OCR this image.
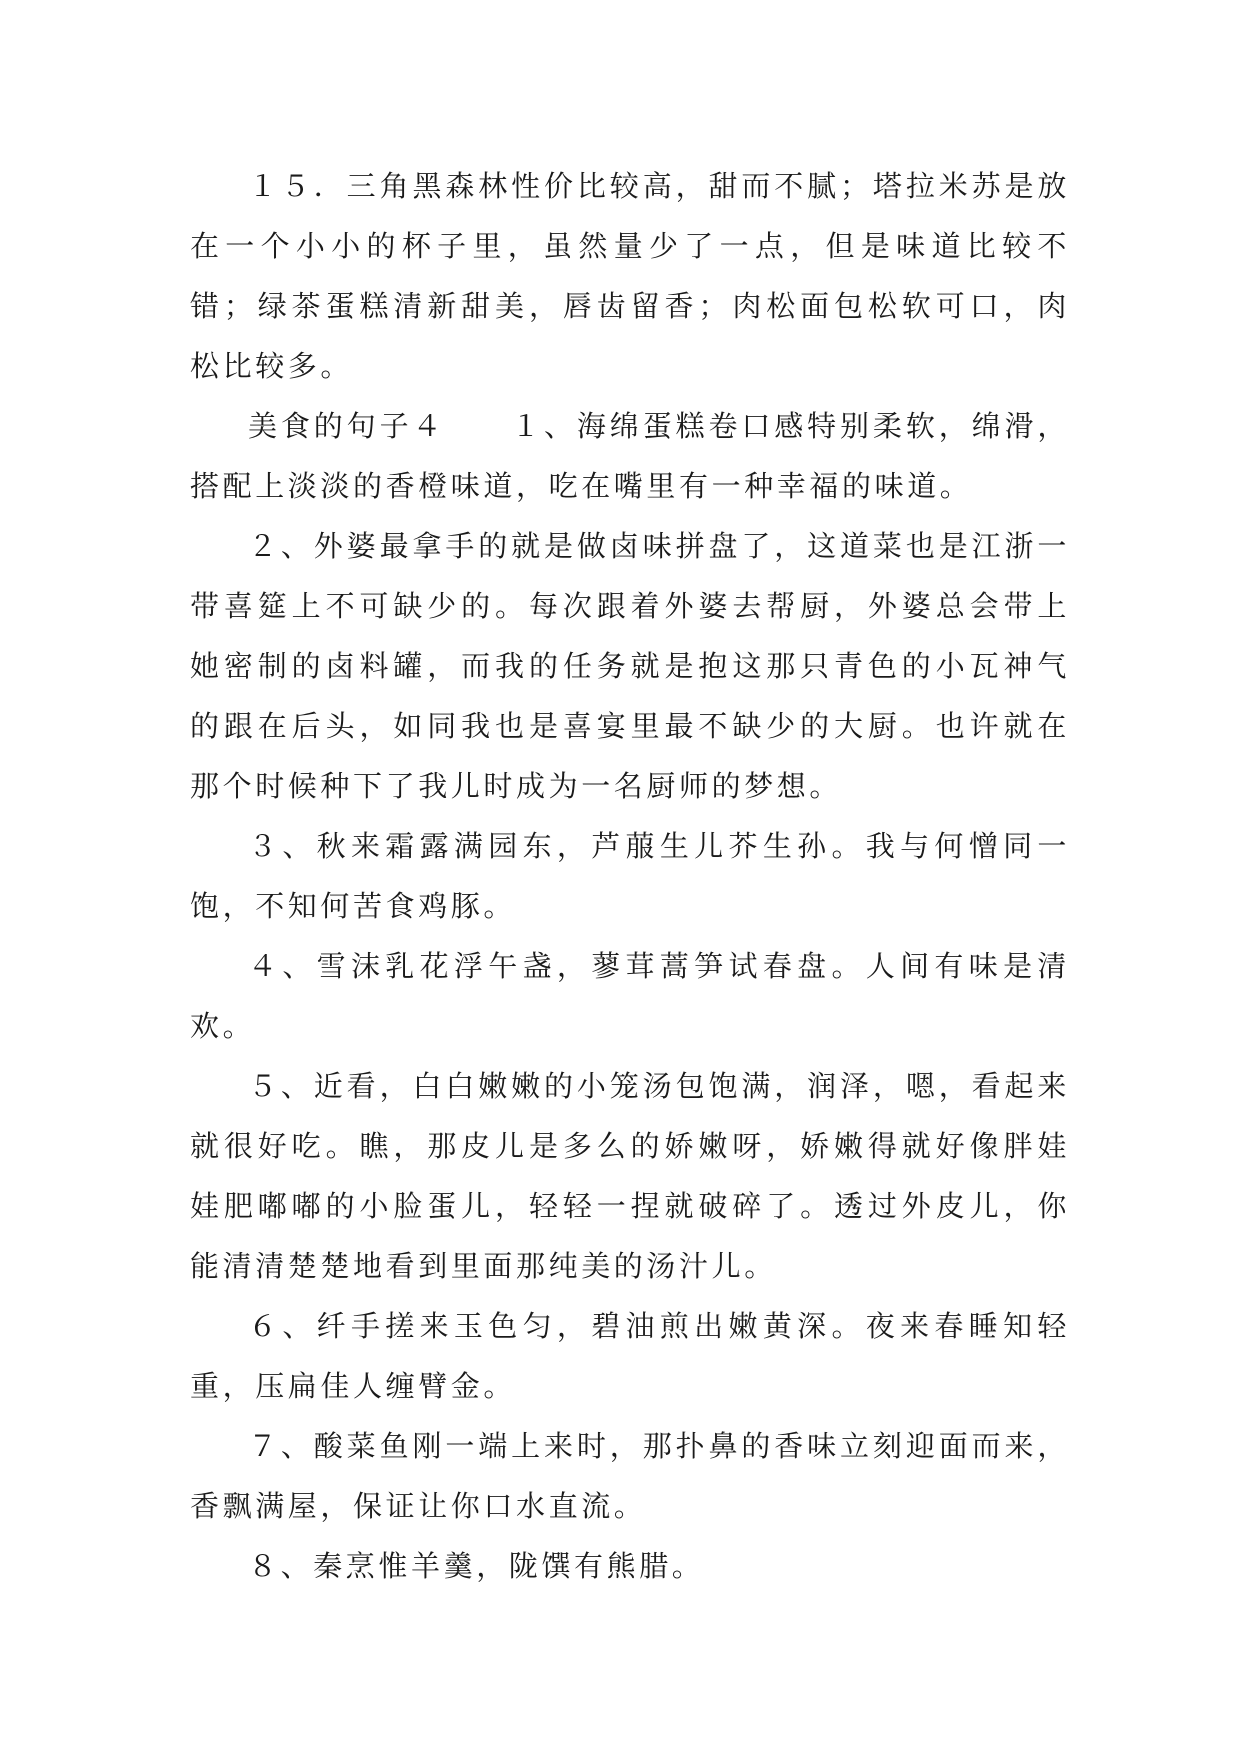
１５．三角黑森林性价比较高，甜而不腻；塔拉米苏是放在一个小小的杯子里，虽然量少了一点，但是味道比较不错；绿茶蛋糕清新甜美，唇齿留香；肉松面包松软可口，肉松比较多。

美食的句子４　　１、海绵蛋糕卷口感特别柔软，绵滑，搭配上淡淡的香橙味道，吃在嘴里有一种幸福的味道。

２、外婆最拿手的就是做卤味拼盘了，这道菜也是江浙一带喜筵上不可缺少的。每次跟着外婆去帮厨，外婆总会带上她密制的卤料罐，而我的任务就是抱这那只青色的小瓦神气的跟在后头，如同我也是喜宴里最不缺少的大厨。也许就在那个时候种下了我儿时成为一名厨师的梦想。

３、秋来霜露满园东，芦菔生儿芥生孙。我与何憎同一饱，不知何苦食鸡豚。

４、雪沫乳花浮午盏，蓼茸蒿笋试春盘。人间有味是清欢。

５、近看，白白嫩嫩的小笼汤包饱满，润泽，嗯，看起来就很好吃。瞧，那皮儿是多么的娇嫩呀，娇嫩得就好像胖娃娃肥嘟嘟的小脸蛋儿，轻轻一捏就破碎了。透过外皮儿，你能清清楚楚地看到里面那纯美的汤汁儿。

６、纤手搓来玉色匀，碧油煎出嫩黄深。夜来春睡知轻重，压扁佳人缠臂金。

７、酸菜鱼刚一端上来时，那扑鼻的香味立刻迎面而来，香飘满屋，保证让你口水直流。

８、秦烹惟羊羹，陇馔有熊腊。
